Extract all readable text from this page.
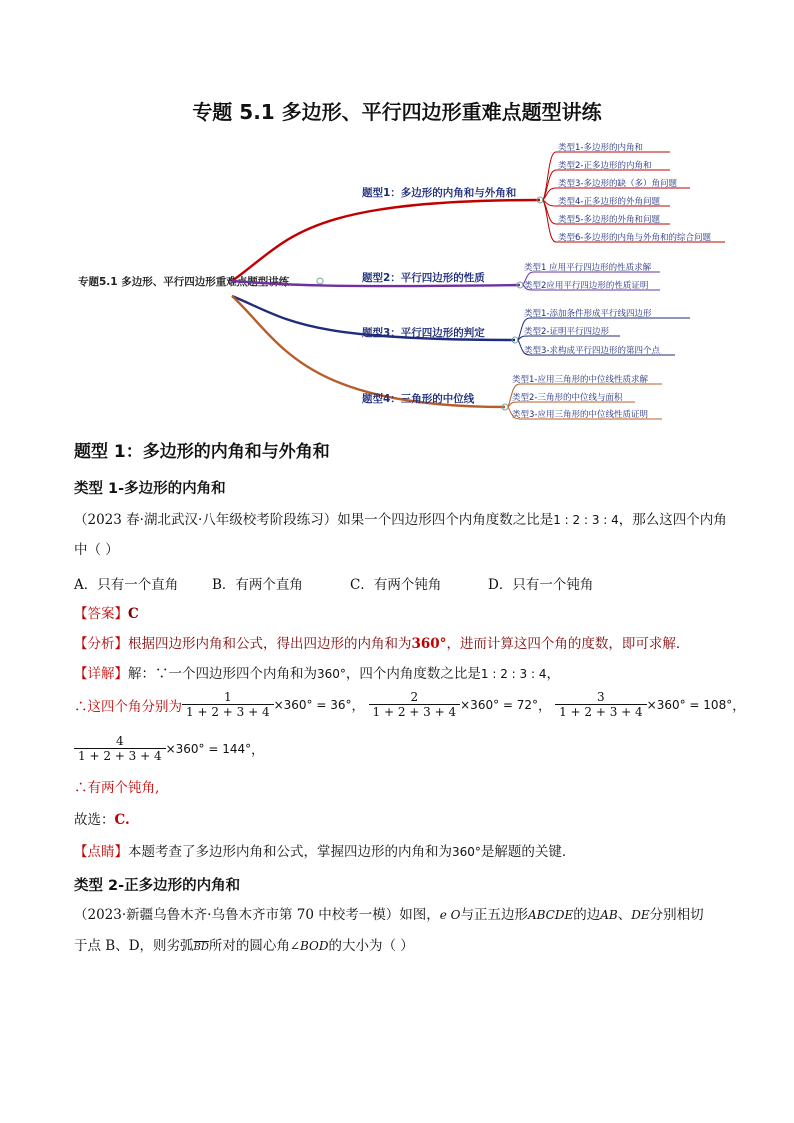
专题 5.1 多边形、平行四边形重难点题型讲练
专题5.1 多边形、平行四边形重难点题型讲练
题型1：多边形的内角和与外角和
题型2：平行四边形的性质
题型3：平行四边形的判定
题型4：三角形的中位线
类型1-多边形的内角和
类型2-正多边形的内角和
类型3-多边形的缺（多）角问题
类型4-正多边形的外角问题
类型5-多边形的外角和问题
类型6-多边形的内角与外角和的综合问题
类型1 应用平行四边形的性质求解
类型2应用平行四边形的性质证明
类型1-添加条件形成平行线四边形
类型2-证明平行四边形
类型3-求构成平行四边形的第四个点
类型1-应用三角形的中位线性质求解
类型2-三角形的中位线与面积
类型3-应用三角形的中位线性质证明
题型 1：多边形的内角和与外角和
类型 1-多边形的内角和
（2023 春·湖北武汉·八年级校考阶段练习）如果一个四边形四个内角度数之比是1 : 2 : 3 : 4，那么这四个内角
中（ ）
A．只有一个直角	B．有两个直角	C．有两个钝角	D．只有一个钝角
【答案】C
【分析】根据四边形内角和公式，得出四边形的内角和为360°，进而计算这四个角的度数，即可求解．
【详解】解：∵一个四边形四个内角和为360°，四个内角度数之比是1 : 2 : 3 : 4，
∴这四个角分别为 $\frac{1}{1 + 2 + 3 + 4} \times 360^\circ = 36^\circ$ ， $\frac{2}{1 + 2 + 3 + 4} \times 360^\circ = 72^\circ$ ， $\frac{3}{1 + 2 + 3 + 4} \times 360^\circ = 108^\circ$ ，
$\frac{4}{1 + 2 + 3 + 4} \times 360^\circ = 144^\circ$ ，
∴有两个钝角,
故选：C.
【点睛】本题考查了多边形内角和公式，掌握四边形的内角和为360°是解题的关键．
类型 2-正多边形的内角和
（2023·新疆乌鲁木齐·乌鲁木齐市第 70 中校考一模）如图，e O与正五边形ABCDE的边AB、DE分别相切
于点 B、D，则劣弧$\overline{BD}$所对的圆心角∠BOD的大小为（ ）
